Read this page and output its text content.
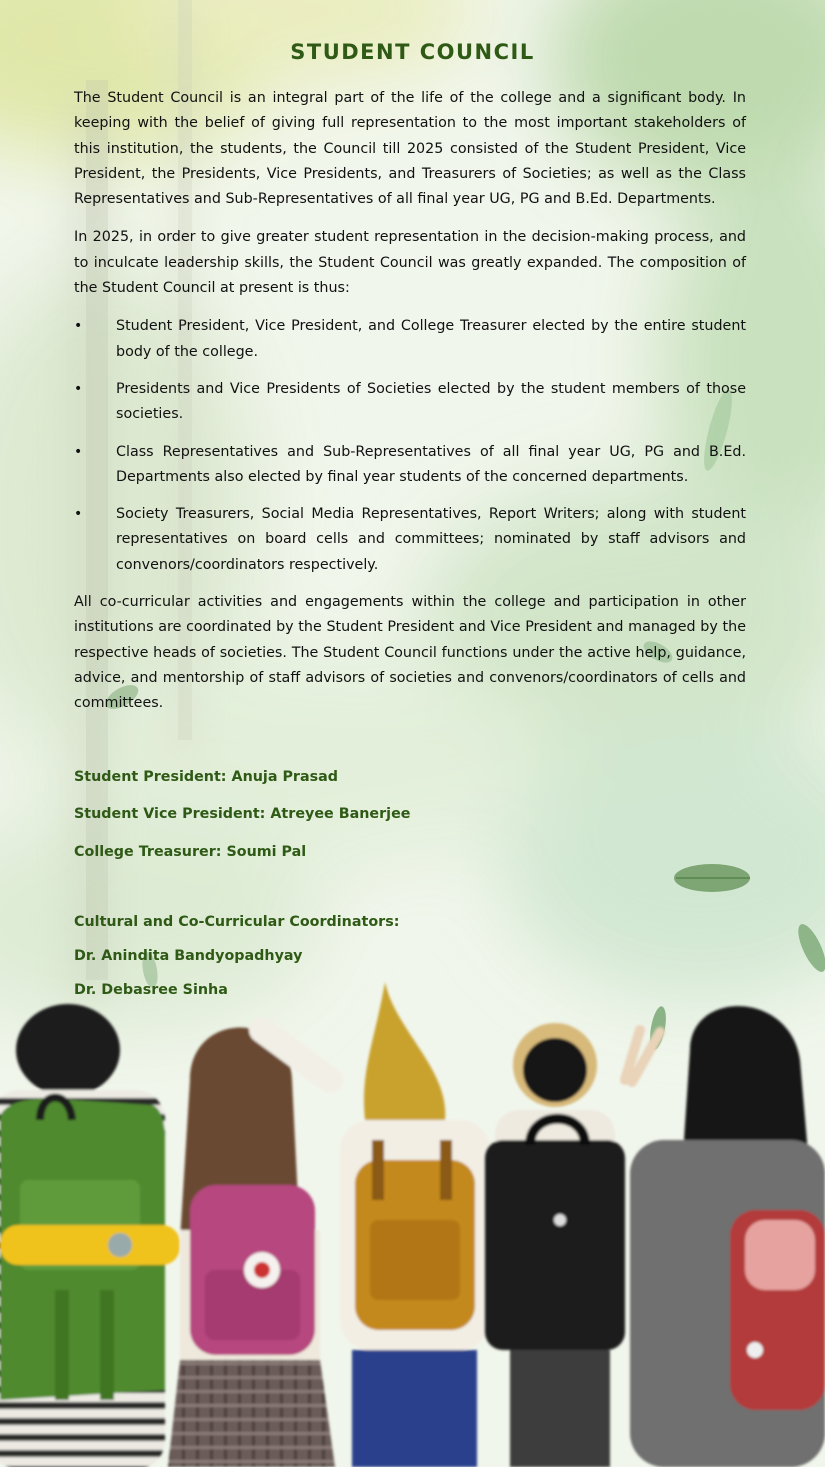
STUDENT COUNCIL

The Student Council is an integral part of the life of the college and a significant body. In keeping with the belief of giving full representation to the most important stakeholders of this institution, the students, the Council till 2025 consisted of the Student President, Vice President, the Presidents, Vice Presidents, and Treasurers of Societies; as well as the Class Representatives and Sub-Representatives of all final year UG, PG and B.Ed. Departments.

In 2025, in order to give greater student representation in the decision-making process, and to inculcate leadership skills, the Student Council was greatly expanded. The composition of the Student Council at present is thus:

• Student President, Vice President, and College Treasurer elected by the entire student body of the college.
• Presidents and Vice Presidents of Societies elected by the student members of those societies.
• Class Representatives and Sub-Representatives of all final year UG, PG and B.Ed. Departments also elected by final year students of the concerned departments.
• Society Treasurers, Social Media Representatives, Report Writers; along with student representatives on board cells and committees; nominated by staff advisors and convenors/coordinators respectively.

All co-curricular activities and engagements within the college and participation in other institutions are coordinated by the Student President and Vice President and managed by the respective heads of societies. The Student Council functions under the active help, guidance, advice, and mentorship of staff advisors of societies and convenors/coordinators of cells and committees.

Student President: Anuja Prasad
Student Vice President: Atreyee Banerjee
College Treasurer: Soumi Pal
Cultural and Co-Curricular Coordinators:
Dr. Anindita Bandyopadhyay
Dr. Debasree Sinha
